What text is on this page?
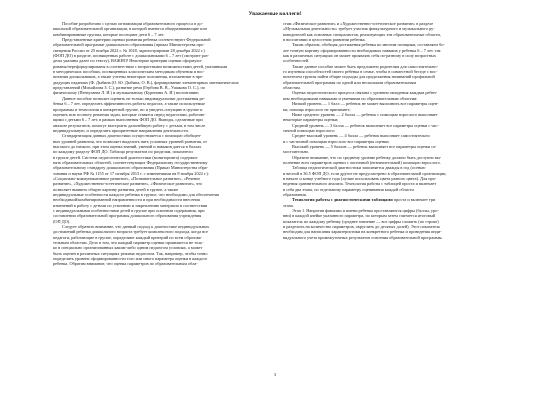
Уважаемые коллеги!
Пособие разработано с целью оптимизации образовательного процесса в до-
школьной образовательной организации, в которой имеются общеразвивающие или
комбинированные группы, которые посещают дети 6 – 7 лет.
Представленные критерии оценки развития ребенка соответствуют Федеральной
образовательной программе дошкольного образования (приказ Министерства про-
свещения России от 25 ноября 2022 г. № 1028, зарегистрирован 28 декабря 2022 г.)
(ФОП ДО) в разделе, посвященных работе с дошкольниками 6 – 7 лет (смотрите раз-
делы указаны далее по тексту). ВАЖНО! Некоторые критерии оценки сформули-
рованы/переформулированы в соответствии с возрастными возможностями детей, указанными
в методических пособиях, посвященных классическим методикам обучения и вос-
питания дошкольников, а также учтены некоторые положения, изложенные в пре-
дыдущих изданиях (Ф. Дыбина (О. Ю. Дыбина, О. В.), формирование элементарных математических
представлений (Михайлова З. С.), развитие речи (Гербова В. В., Ушакова О. С.), по
физическому (Пензулаева Л. И.) и музыкальному (Буренина А. И.) воспитанию.
Данное пособие позволит оценить не только индивидуальные достижения ре-
бенка 6 – 7 лет, определить эффективность работы педагога, а также используемые
программы и технологии в конкретной группе, но и увидеть ситуацию в группе и
оценить всю полноту решения задач, которые ставятся перед педагогами, работаю-
щими с детьми 6 – 7 лет, в рамках выполнения ФОП ДО. Выводы, сделанные при
анализе результатов, помогут выстроить дальнейшую работу с детьми, в том числе
индивидуальную, и определить приоритетные направления деятельности.
Стандартизация данных диагностики осуществляется с помощью обобщен-
ных уровней развития, что позволяет выделить пять условных уровней развития, от
высокого до низкого, при этом оценка знаний, умений и навыков дается в баллах
по каждому разделу ФОП ДО. Таблица результатов по разделам, показатели
в группе детей. Система педагогической диагностики (мониторинга) содержит
пять образовательных областей, соответствующих Федеральному государственному
образовательному стандарту дошкольного образования (Приказ Министерства обра-
зования и науки РФ № 1155 от 17 октября 2013 г. с изменениями на 8 ноября 2022 г.):
«Социально-коммуникативное развитие», «Познавательное развитие», «Речевое
развитие», «Художественно-эстетическое развитие», «Физическое развитие», что
позволяет выявить общую картину развития детей в группе, а также
индивидуальные особенности каждого ребенка в группе, что необходимо для обеспечения
необходимой/комбинированной направленности и при необходимости внесения
изменений в работу с детьми по усвоению и закреплению материала в соответствии
с индивидуальными особенностями детей в группе при освоении содержания, при
составлении образовательной программы дошкольного образования учреждения
(ОП ДО).
Следует обратить внимание, что данный подход к диагностике индивидуальных
достижений ребенка дошкольного возраста требует комплексного подхода, когда все
педагоги, работающие в группе, определяют каждый критерий по всем образова-
тельным областям. Дело в том, что каждый параметр оценки проявляется не толь-
ко в специально организованных каким-либо одним педагогом условиях, а может
быть оценен в различных ситуациях режима педагогом. Так, например, чтобы точно
определить уровень сформированности того или иного параметра оценки в каждого
ребенка. Обратим внимание, что оценка параметров по образовательным обла-
стям «Физическое развитие» и «Художественно-эстетическое развитие» в разделе
«Музыкальная деятельность» требует участия физкультурного и музыкального ру-
ководителей как основных специалистов, реализующих эти образовательные области,
в воспитании и целостном развитии ребенка.
Таким образом, обобщая достижения ребенка по многим позициям, составляем бо-
лее точную картину сформированности необходимых навыков у ребенка 6 – 7 лет, так
как в различных ситуациях он может проявлять себя по-разному в силу возрастных
особенностей.
Также данное пособие может быть предложено родителям для самостоятельно-
го изучения способностей своего ребенка в семье, чтобы в совместной беседе с вос-
питателем группы найти общие подходы для продолжения начинаний профильной
образовательной программы по одной или нескольким образовательным
областям.
Оценка педагогического процесса связана с уровнем овладения каждым ребен-
ком необходимыми навыками и умениями по образовательным областям:
Низкий уровень — 1 балл — ребенок не может выполнить все параметры оцен-
ки, помощь взрослого не принимает;
Ниже среднего уровень — 2 балла — ребенок с помощью взрослого выполняет
некоторые параметры оценки;
Средний уровень — 3 балла — ребенок выполняет все параметры оценки с час-
тичной помощью взрослого;
Средне-высокий уровень — 4 балла — ребенок выполняет самостоятельно
и с частичной помощью взрослого все параметры оценки;
Высокий уровень — 5 баллов — ребенок выполняет все параметры оценки са-
мостоятельно.
Обратите внимание, что по среднему уровню ребенку должно быть доступно вы-
полнение всех параметров оценки с частичной (незначительной) помощью взрослого.
Таблица педагогической диагностики заполняется дважды в год (осенью
и весной в 36.5 ФОП ДО, если другое не предусмотрено в образовательной организации,
в начале и конце учебного года (лучше использовать цвета разного цвета). Для про-
ведения сравнительного анализа. Технология работы с таблицей проста и включает
в себя два этапа, по отдельному параметру оценивания каждой области
образования.
Технология работы с диагностическими таблицами проста и включает три
этапа.
Этап 1. Напротив фамилии и имени ребенка проставляются цифры (баллы, уро-
вни) в каждой ячейке указанного параметра, по которым затем считается итоговый
показатель по каждому ребенку (среднее значение — все цифры сложить (по строке)
и разделить на количество параметров, округлить до десятых долей). Этот показатель
необходим для написания характеристики на конкретного ребенка и проведения инди-
видуального учета промежуточных результатов освоения образовательной программы.
3
